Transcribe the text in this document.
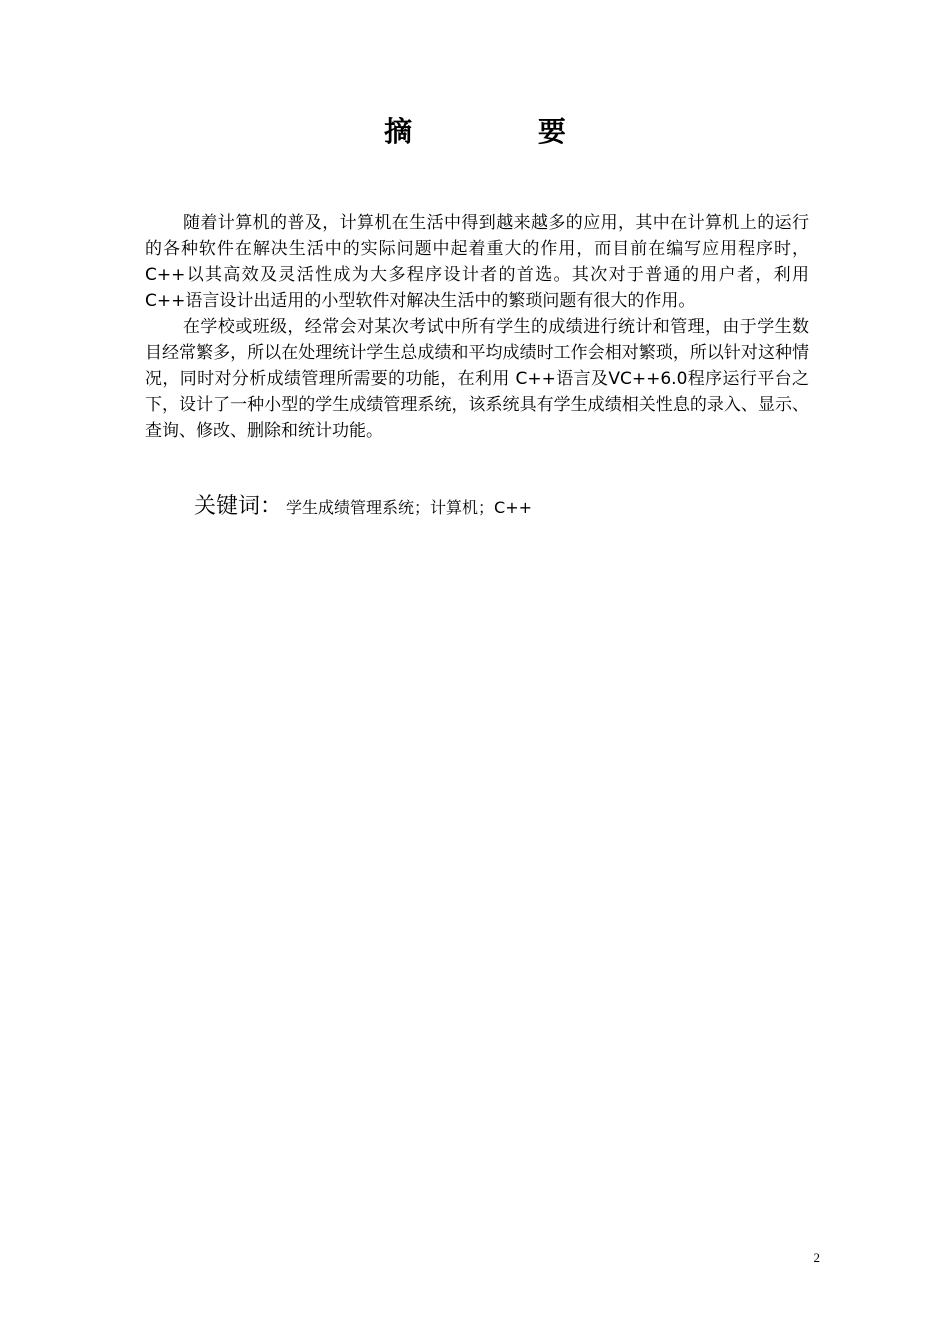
摘 要

随着计算机的普及，计算机在生活中得到越来越多的应用，其中在计算机上的运行的各种软件在解决生活中的实际问题中起着重大的作用，而目前在编写应用程序时，C++以其高效及灵活性成为大多程序设计者的首选。其次对于普通的用户者，利用 C++语言设计出适用的小型软件对解决生活中的繁琐问题有很大的作用。

在学校或班级，经常会对某次考试中所有学生的成绩进行统计和管理，由于学生数目经常繁多，所以在处理统计学生总成绩和平均成绩时工作会相对繁琐，所以针对这种情况，同时对分析成绩管理所需要的功能，在利用 C++语言及VC++6.0程序运行平台之下，设计了一种小型的学生成绩管理系统，该系统具有学生成绩相关性息的录入、显示、查询、修改、删除和统计功能。

关键词： 学生成绩管理系统；计算机；C++
2
